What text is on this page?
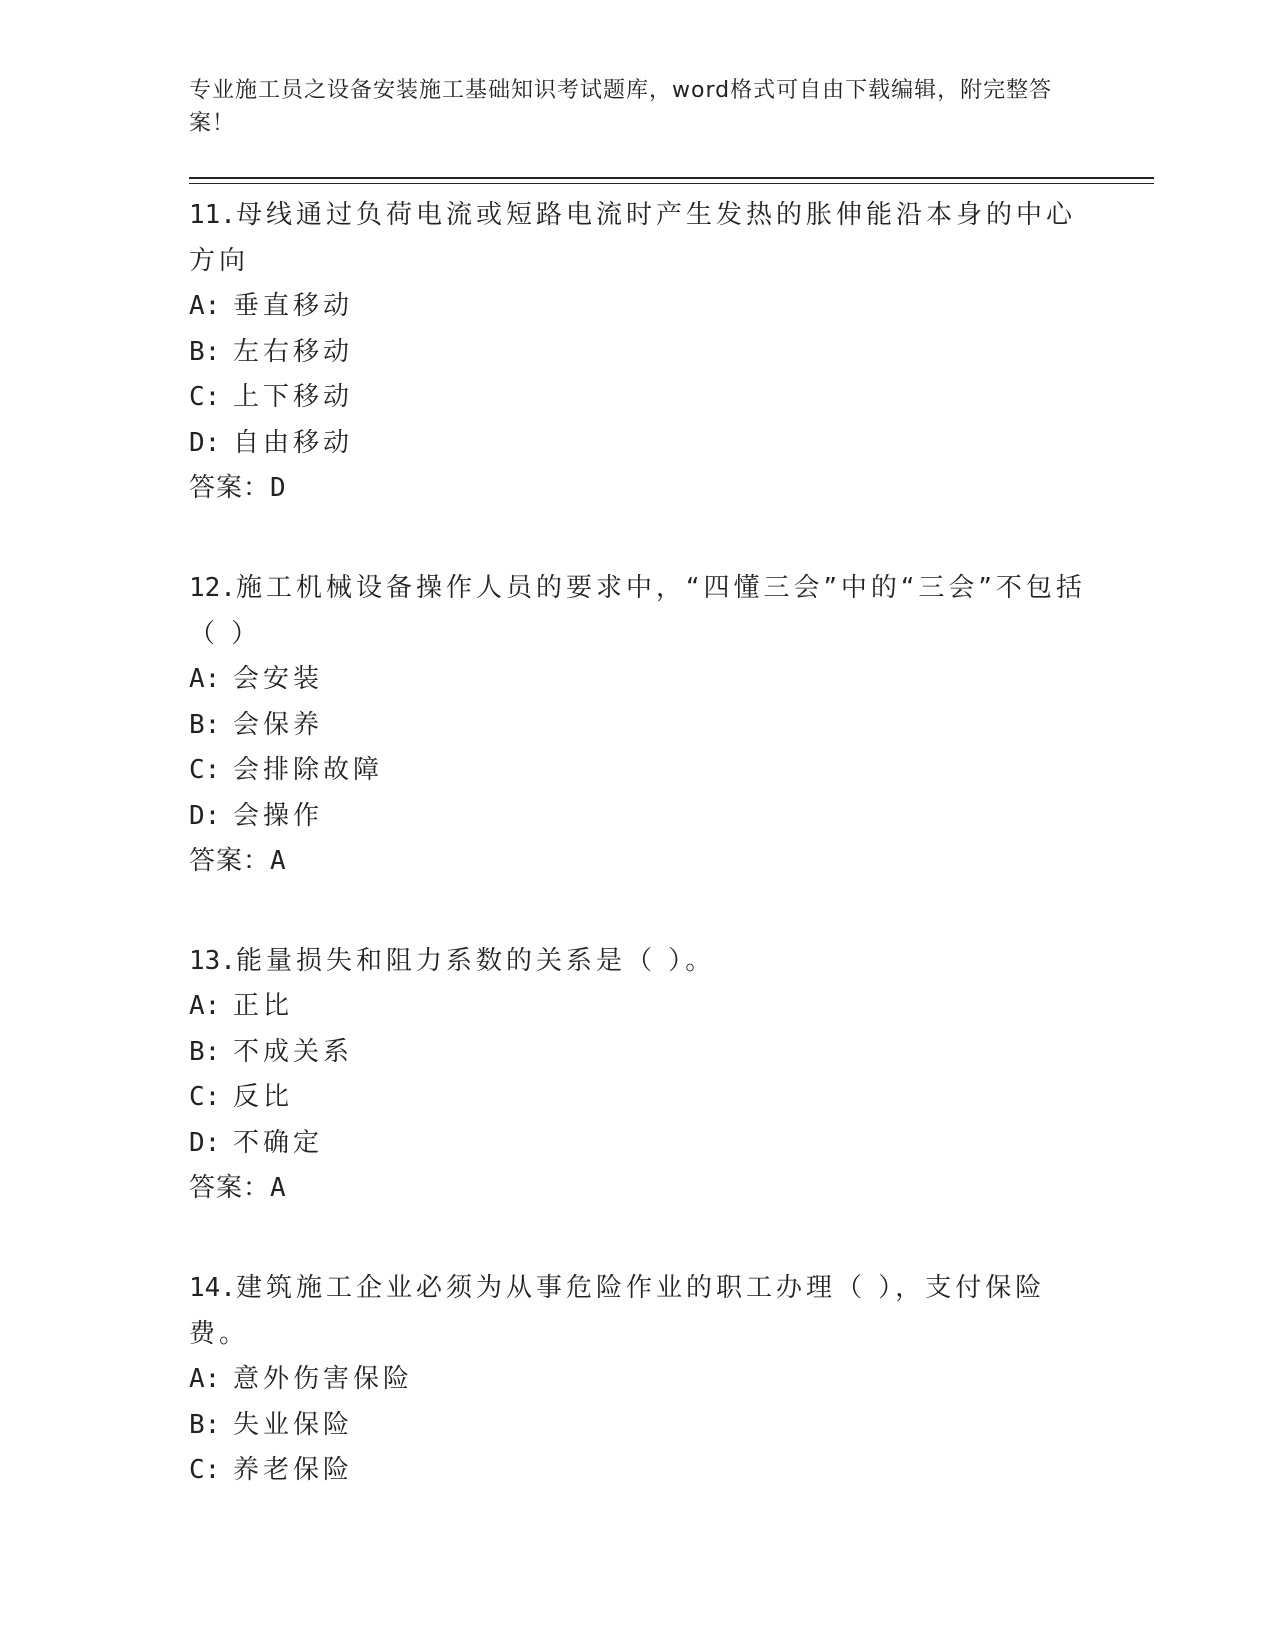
专业施工员之设备安装施工基础知识考试题库，word格式可自由下载编辑，附完整答案！
11.母线通过负荷电流或短路电流时产生发热的胀伸能沿本身的中心方向
A: 垂直移动
B: 左右移动
C: 上下移动
D: 自由移动
答案：D
12.施工机械设备操作人员的要求中，“四懂三会”中的“三会”不包括（ ）
A: 会安装
B: 会保养
C: 会排除故障
D: 会操作
答案：A
13.能量损失和阻力系数的关系是（ ）。
A: 正比
B: 不成关系
C: 反比
D: 不确定
答案：A
14.建筑施工企业必须为从事危险作业的职工办理（ ），支付保险费。
A: 意外伤害保险
B: 失业保险
C: 养老保险
